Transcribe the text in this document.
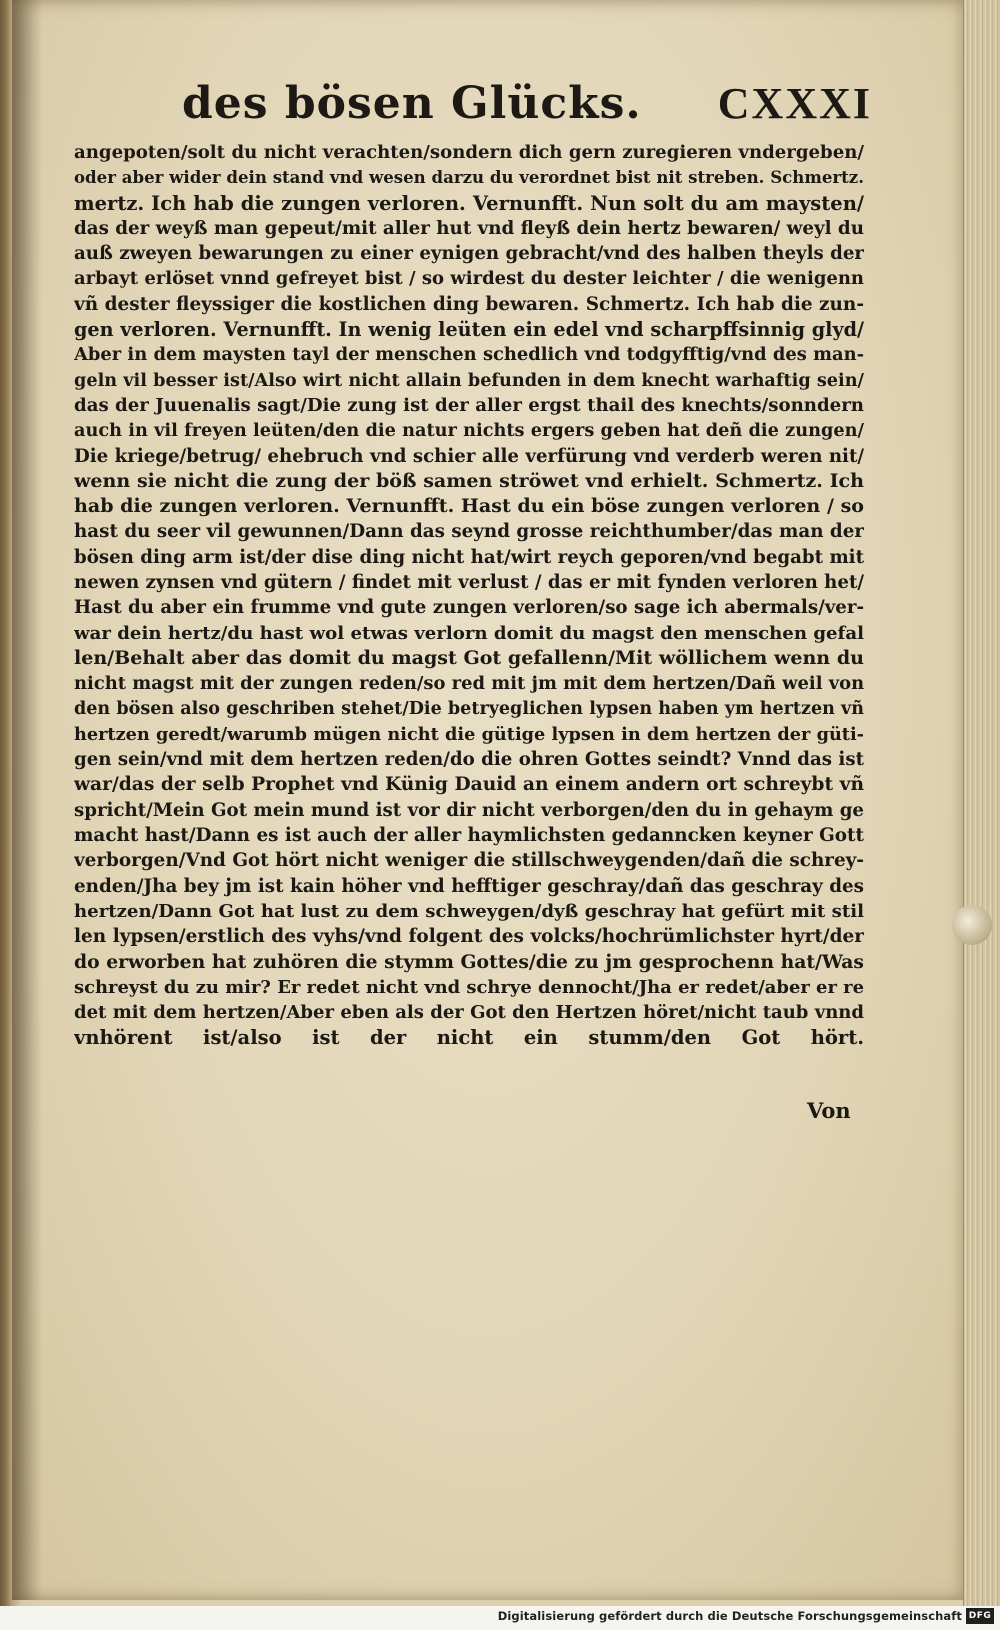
des bösen Glücks. CXXXI
angepoten/solt du nicht verachten/sondern dich gern zuregieren vndergeben/
oder aber wider dein stand vnd wesen darzu du verordnet bist nit streben. Schmertz.
mertz. Ich hab die zungen verloren. Vernunfft. Nun solt du am maysten/
das der weyß man gepeut/mit aller hut vnd fleyß dein hertz bewaren/ weyl du
auß zweyen bewarungen zu einer eynigen gebracht/vnd des halben theyls der
arbayt erlöset vnnd gefreyet bist / so wirdest du dester leichter / die wenigenn
vñ dester fleyssiger die kostlichen ding bewaren. Schmertz. Ich hab die zun-
gen verloren. Vernunfft. In wenig leüten ein edel vnd scharpffsinnig glyd/
Aber in dem maysten tayl der menschen schedlich vnd todgyfftig/vnd des man-
geln vil besser ist/Also wirt nicht allain befunden in dem knecht warhaftig sein/
das der Juuenalis sagt/Die zung ist der aller ergst thail des knechts/sonndern
auch in vil freyen leüten/den die natur nichts ergers geben hat deñ die zungen/
Die kriege/betrug/ ehebruch vnd schier alle verfürung vnd verderb weren nit/
wenn sie nicht die zung der böß samen ströwet vnd erhielt. Schmertz. Ich
hab die zungen verloren. Vernunfft. Hast du ein böse zungen verloren / so
hast du seer vil gewunnen/Dann das seynd grosse reichthumber/das man der
bösen ding arm ist/der dise ding nicht hat/wirt reych geporen/vnd begabt mit
newen zynsen vnd gütern / findet mit verlust / das er mit fynden verloren het/
Hast du aber ein frumme vnd gute zungen verloren/so sage ich abermals/ver-
war dein hertz/du hast wol etwas verlorn domit du magst den menschen gefal
len/Behalt aber das domit du magst Got gefallenn/Mit wöllichem wenn du
nicht magst mit der zungen reden/so red mit jm mit dem hertzen/Dañ weil von
den bösen also geschriben stehet/Die betryeglichen lypsen haben ym hertzen vñ
hertzen geredt/warumb mügen nicht die gütige lypsen in dem hertzen der güti-
gen sein/vnd mit dem hertzen reden/do die ohren Gottes seindt? Vnnd das ist
war/das der selb Prophet vnd Künig Dauid an einem andern ort schreybt vñ
spricht/Mein Got mein mund ist vor dir nicht verborgen/den du in gehaym ge
macht hast/Dann es ist auch der aller haymlichsten gedanncken keyner Gott
verborgen/Vnd Got hört nicht weniger die stillschweygenden/dañ die schrey-
enden/Jha bey jm ist kain höher vnd hefftiger geschray/dañ das geschray des
hertzen/Dann Got hat lust zu dem schweygen/dyß geschray hat gefürt mit stil
len lypsen/erstlich des vyhs/vnd folgent des volcks/hochrümlichster hyrt/der
do erworben hat zuhören die stymm Gottes/die zu jm gesprochenn hat/Was
schreyst du zu mir? Er redet nicht vnd schrye dennocht/Jha er redet/aber er re
det mit dem hertzen/Aber eben als der Got den Hertzen höret/nicht taub vnnd
vnhörent ist/also ist der nicht ein stumm/den Got hört.
Von
Digitalisierung gefördert durch die Deutsche Forschungsgemeinschaft DFG
